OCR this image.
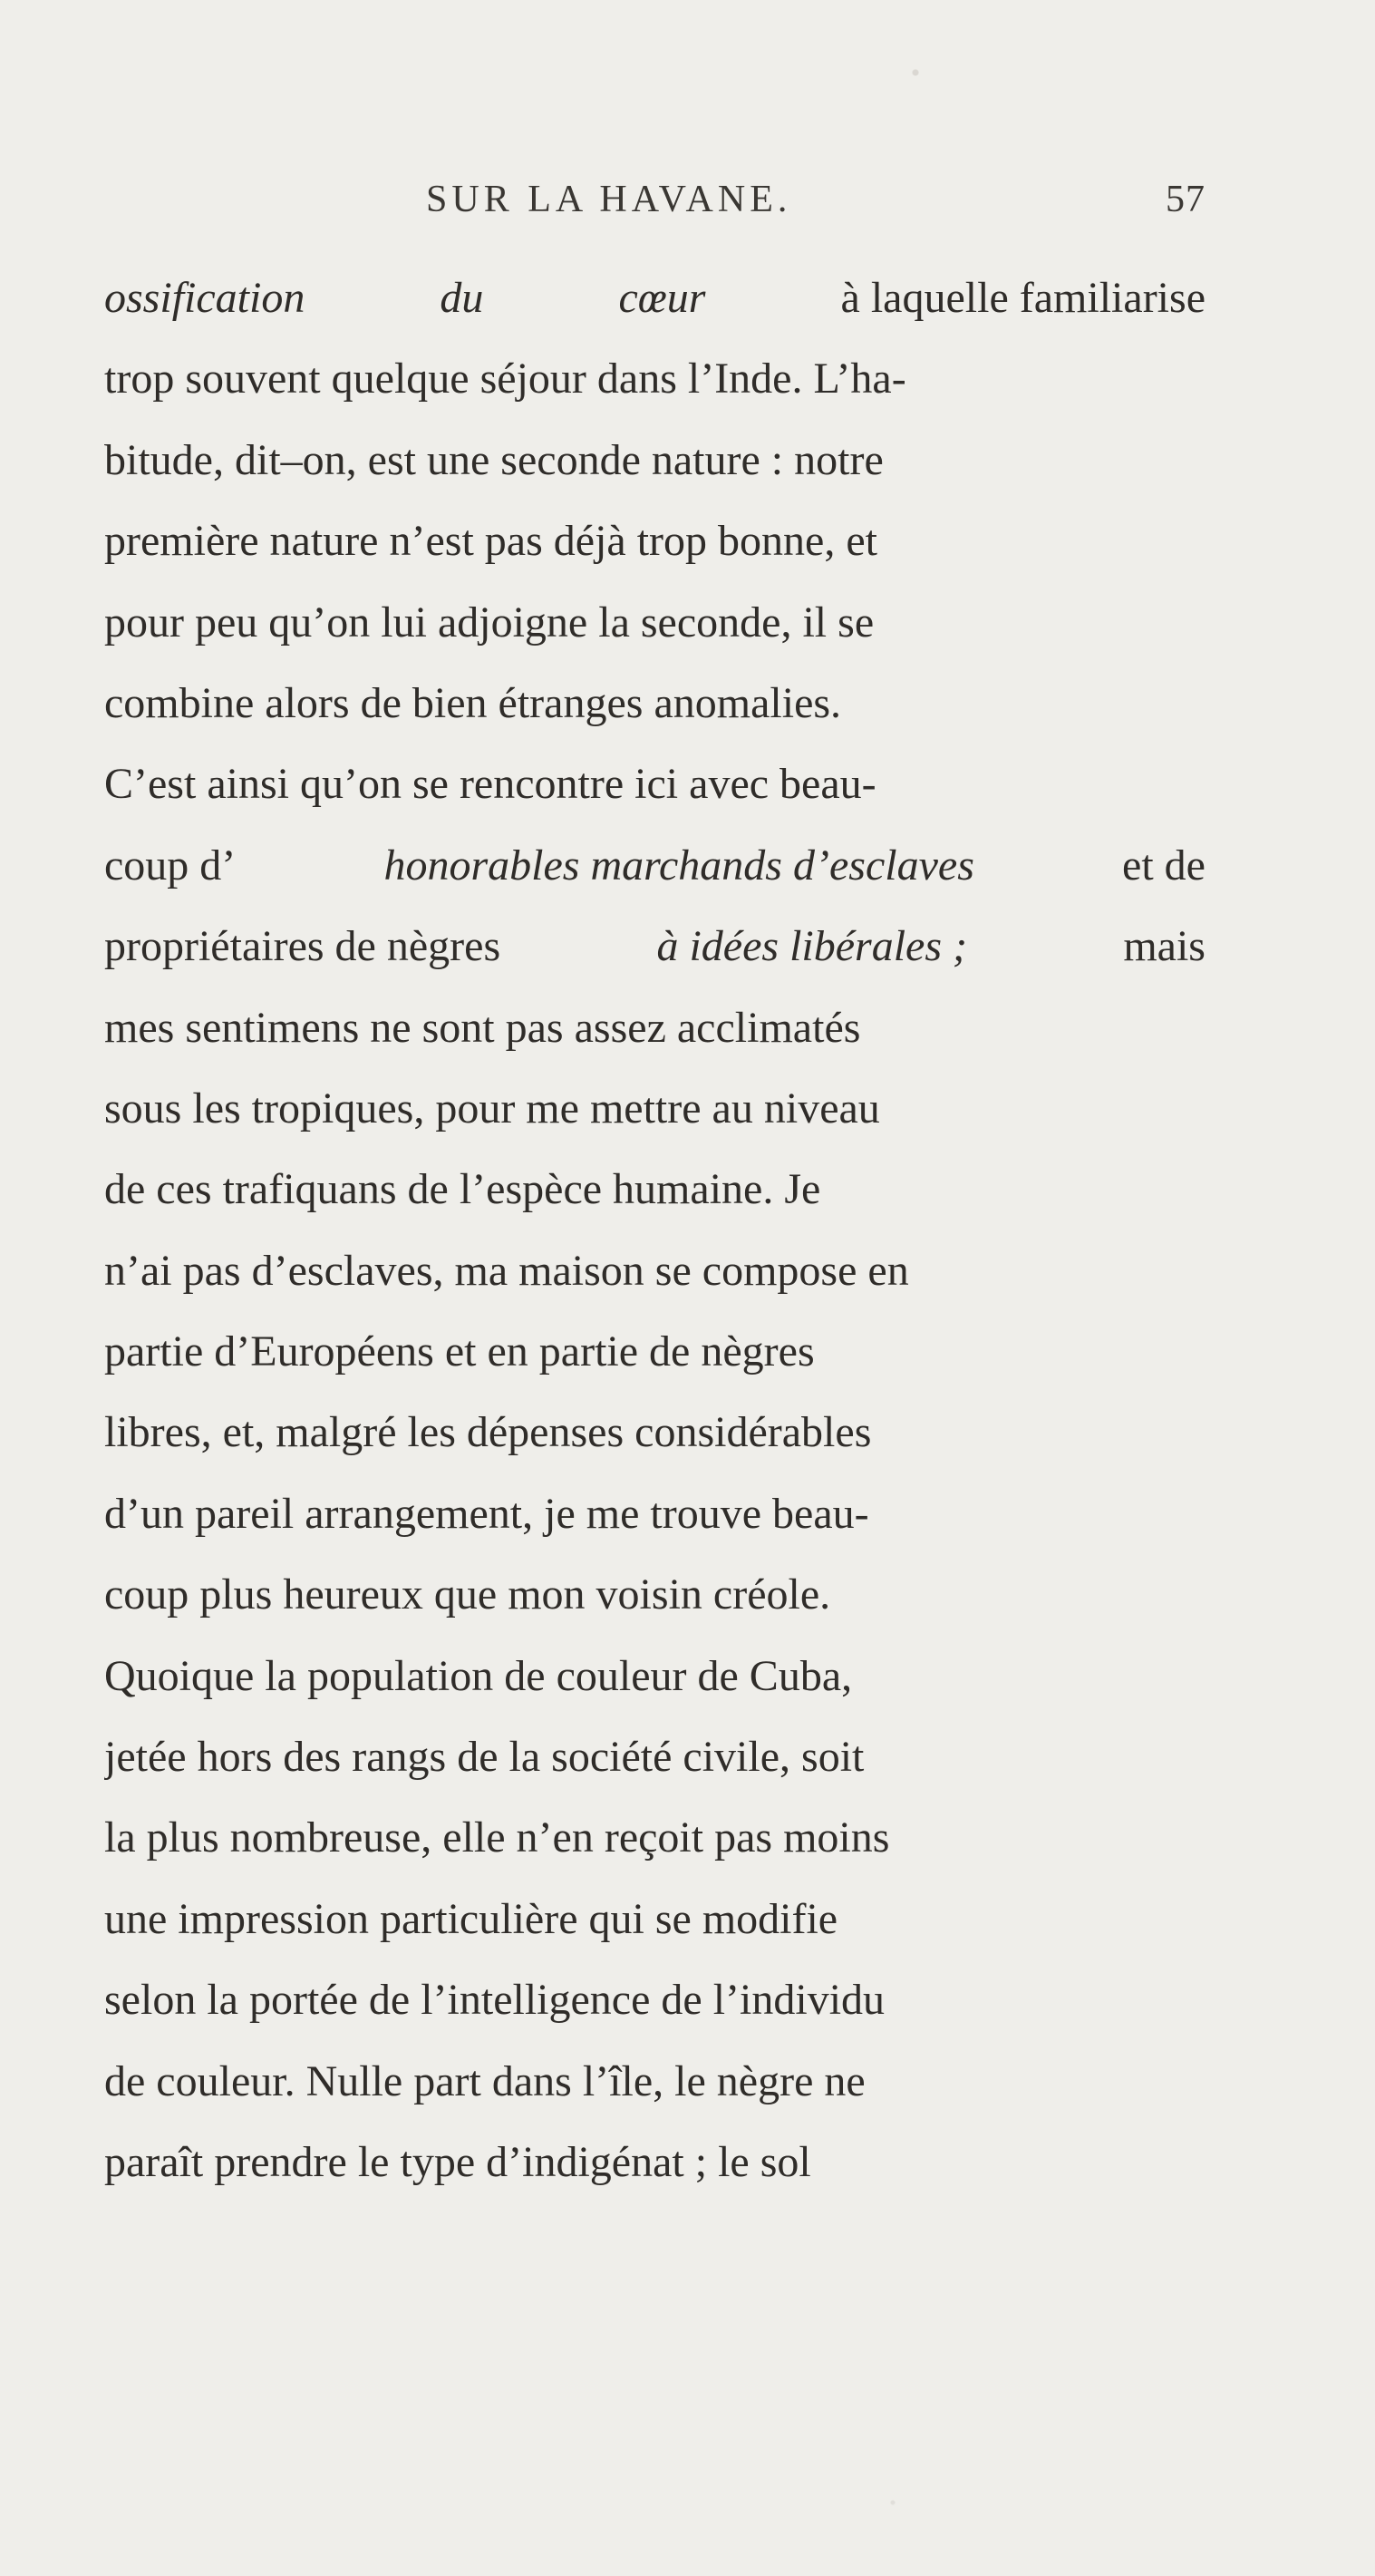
SUR LA HAVANE.	57
ossification	du	cœur	à laquelle familiarise
trop souvent quelque séjour dans l’Inde. L’ha-
bitude, dit–on, est une seconde nature : notre
première nature n’est pas déjà trop bonne, et
pour peu qu’on lui adjoigne la seconde, il se
combine alors de bien étranges anomalies.
C’est ainsi qu’on se rencontre ici avec beau-
coup d’	honorables marchands d’esclaves	et de
propriétaires de nègres	à idées libérales ;	mais
mes sentimens ne sont pas assez acclimatés
sous les tropiques, pour me mettre au niveau
de ces trafiquans de l’espèce humaine. Je
n’ai pas d’esclaves, ma maison se compose en
partie d’Européens et en partie de nègres
libres, et, malgré les dépenses considérables
d’un pareil arrangement, je me trouve beau-
coup plus heureux que mon voisin créole.
Quoique la population de couleur de Cuba,
jetée hors des rangs de la société civile, soit
la plus nombreuse, elle n’en reçoit pas moins
une impression particulière qui se modifie
selon la portée de l’intelligence de l’individu
de couleur. Nulle part dans l’île, le nègre ne
paraît prendre le type d’indigénat ; le sol
